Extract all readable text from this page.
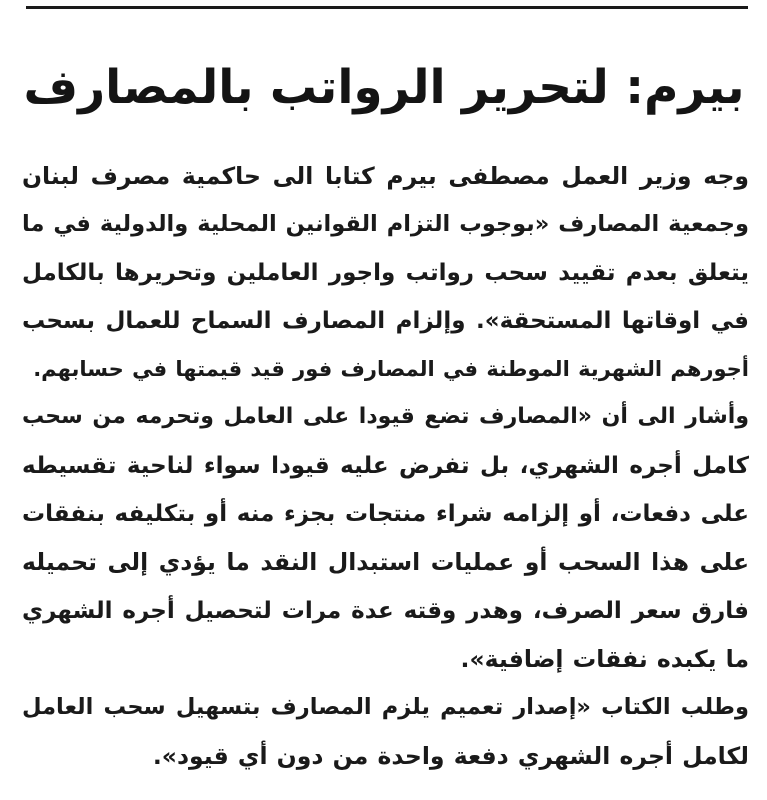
بيرم: لتحرير الرواتب بالمصارف
وجه وزير العمل مصطفى بيرم كتابا الى حاكمية مصرف لبنان
وجمعية المصارف «بوجوب التزام القوانين المحلية والدولية في ما
يتعلق بعدم تقييد سحب رواتب واجور العاملين وتحريرها بالكامل
في اوقاتها المستحقة». وإلزام المصارف السماح للعمال بسحب
أجورهم الشهرية الموطنة في المصارف فور قيد قيمتها في حسابهم.
وأشار الى أن «المصارف تضع قيودا على العامل وتحرمه من سحب
كامل أجره الشهري، بل تفرض عليه قيودا سواء لناحية تقسيطه
على دفعات، أو إلزامه شراء منتجات بجزء منه أو بتكليفه بنفقات
على هذا السحب أو عمليات استبدال النقد ما يؤدي إلى تحميله
فارق سعر الصرف، وهدر وقته عدة مرات لتحصيل أجره الشهري
ما يكبده نفقات إضافية».
وطلب الكتاب «إصدار تعميم يلزم المصارف بتسهيل سحب العامل
لكامل أجره الشهري دفعة واحدة من دون أي قيود».
